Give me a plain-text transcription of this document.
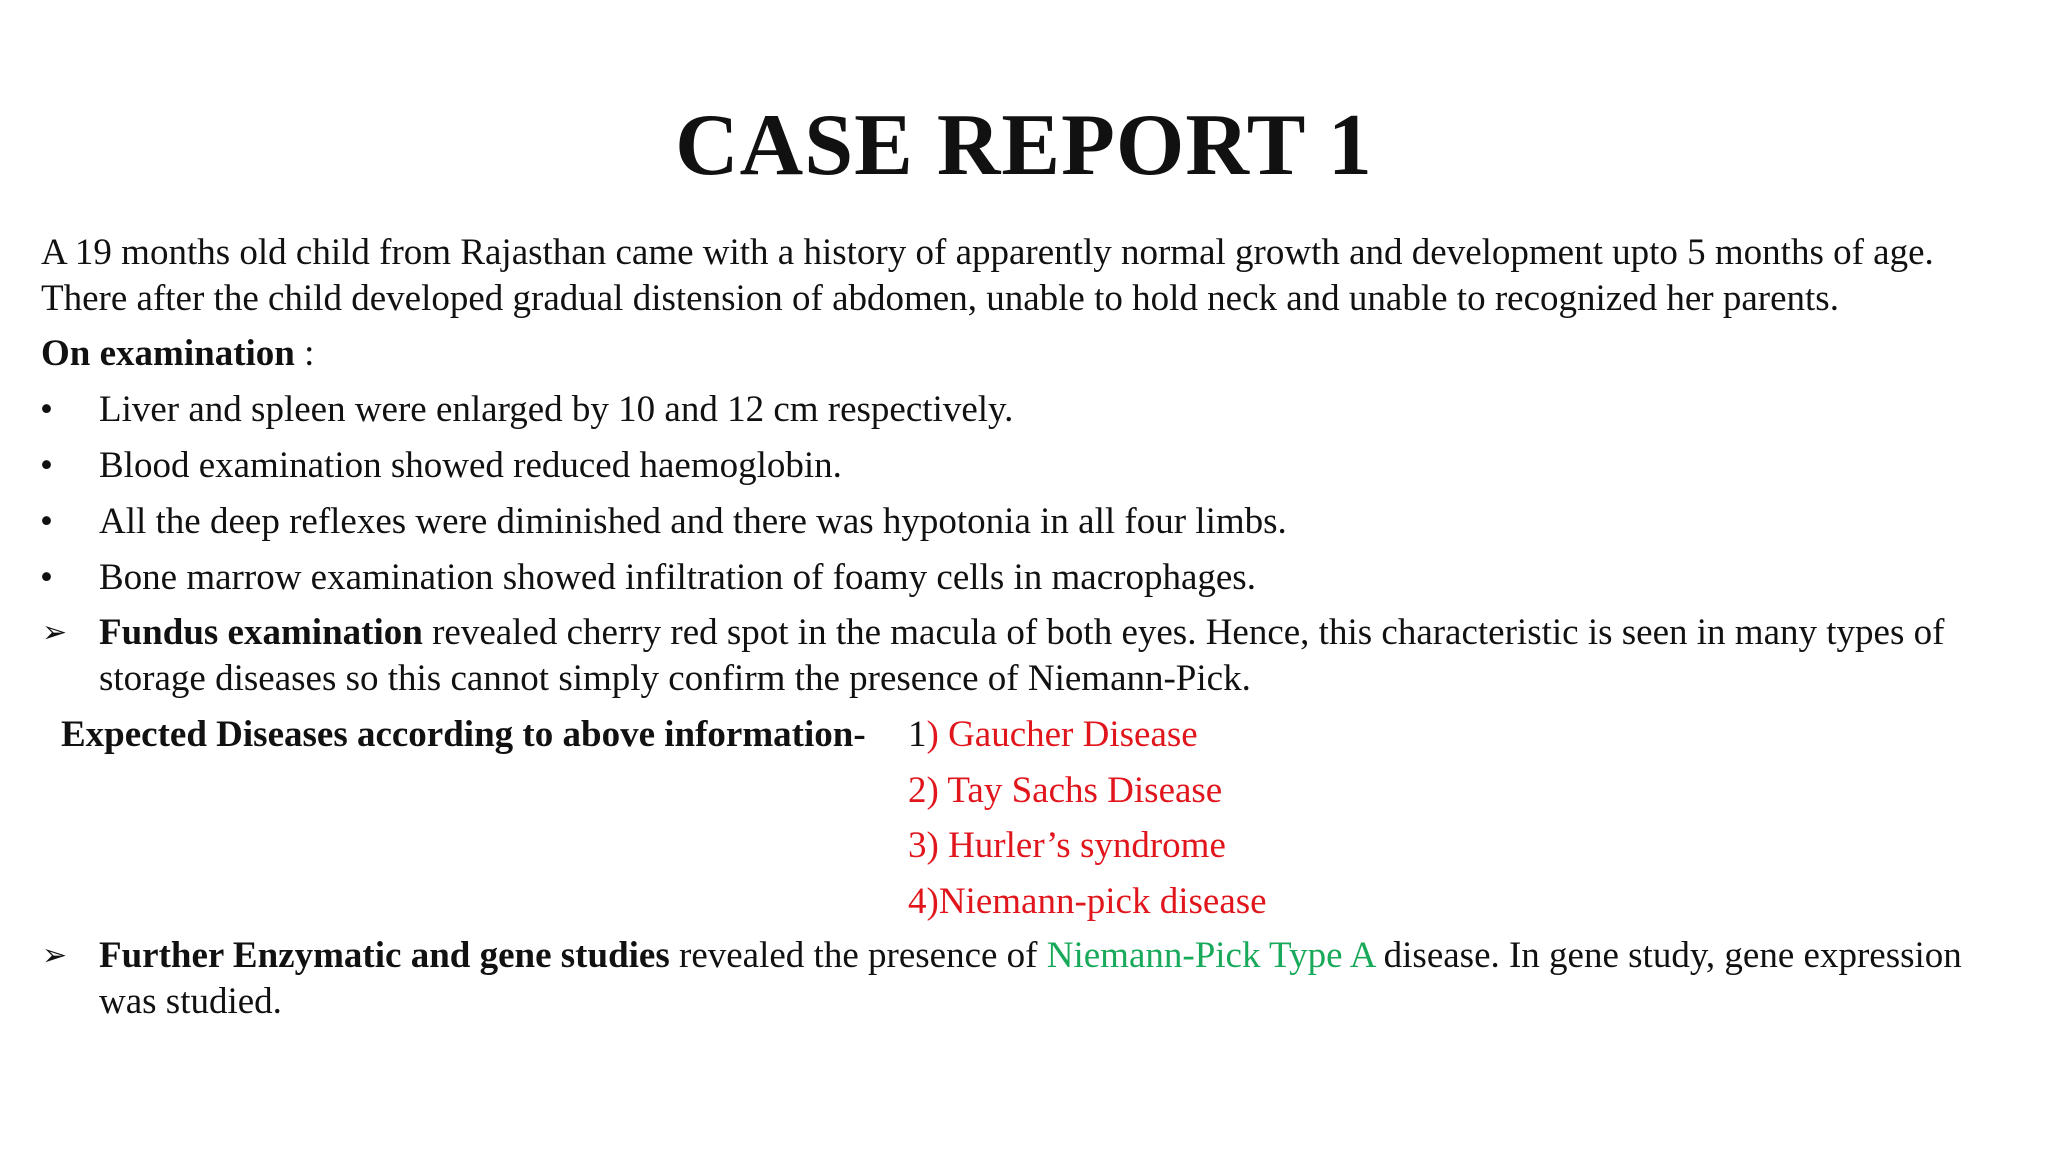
CASE REPORT 1

A 19 months old child from Rajasthan came with a history of apparently normal growth and development upto 5 months of age. There after the child developed gradual distension of abdomen, unable to hold neck and unable to recognized her parents.

On examination :

• Liver and spleen were enlarged by 10 and 12 cm respectively.
• Blood examination showed reduced haemoglobin.
• All the deep reflexes were diminished and there was hypotonia in all four limbs.
• Bone marrow examination showed infiltration of foamy cells in macrophages.
➢ Fundus examination revealed cherry red spot in the macula of both eyes. Hence, this characteristic is seen in many types of storage diseases so this cannot simply confirm the presence of Niemann-Pick.
Expected Diseases according to above information- 1) Gaucher Disease
2) Tay Sachs Disease
3) Hurler’s syndrome
4)Niemann-pick disease
➢ Further Enzymatic and gene studies revealed the presence of Niemann-Pick Type A disease. In gene study, gene expression was studied.
